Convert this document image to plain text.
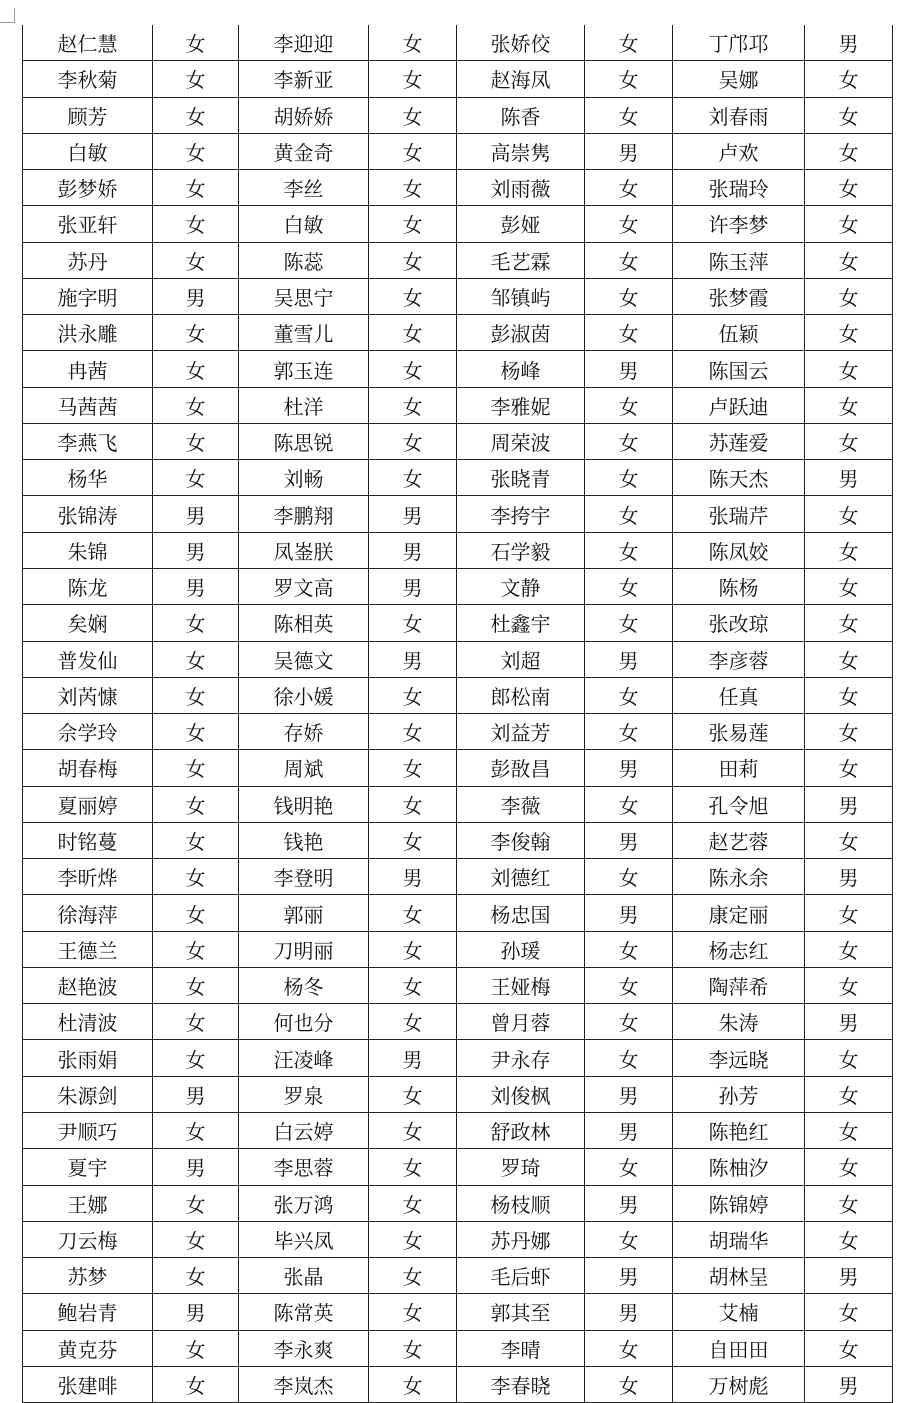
赵仁慧	女	李迎迎	女	张娇佼	女	丁邝邛	男
李秋菊	女	李新亚	女	赵海凤	女	吴娜	女
顾芳	女	胡娇娇	女	陈香	女	刘春雨	女
白敏	女	黄金奇	女	高崇隽	男	卢欢	女
彭梦娇	女	李丝	女	刘雨薇	女	张瑞玲	女
张亚轩	女	白敏	女	彭娅	女	许李梦	女
苏丹	女	陈蕊	女	毛艺霖	女	陈玉萍	女
施字明	男	吴思宁	女	邹镇屿	女	张梦霞	女
洪永雕	女	董雪儿	女	彭淑茵	女	伍颖	女
冉茜	女	郭玉连	女	杨峰	男	陈国云	女
马茜茜	女	杜洋	女	李雅妮	女	卢跃迪	女
李燕飞	女	陈思锐	女	周荣波	女	苏莲爱	女
杨华	女	刘畅	女	张晓青	女	陈天杰	男
张锦涛	男	李鹏翔	男	李挎宇	女	张瑞芹	女
朱锦	男	凤崟朕	男	石学毅	女	陈凤姣	女
陈龙	男	罗文高	男	文静	女	陈杨	女
矣娴	女	陈相英	女	杜鑫宇	女	张改琼	女
普发仙	女	吴德文	男	刘超	男	李彦蓉	女
刘芮慷	女	徐小媛	女	郎松南	女	任真	女
佘学玲	女	存娇	女	刘益芳	女	张易莲	女
胡春梅	女	周斌	女	彭敔昌	男	田莉	女
夏丽婷	女	钱明艳	女	李薇	女	孔令旭	男
时铭蔓	女	钱艳	女	李俊翰	男	赵艺蓉	女
李昕烨	女	李登明	男	刘德红	女	陈永余	男
徐海萍	女	郭丽	女	杨忠国	男	康定丽	女
王德兰	女	刀明丽	女	孙瑗	女	杨志红	女
赵艳波	女	杨冬	女	王娅梅	女	陶萍希	女
杜清波	女	何也分	女	曾月蓉	女	朱涛	男
张雨娟	女	汪凌峰	男	尹永存	女	李远晓	女
朱源剑	男	罗泉	女	刘俊枫	男	孙芳	女
尹顺巧	女	白云婷	女	舒政林	男	陈艳红	女
夏宇	男	李思蓉	女	罗琦	女	陈柚汐	女
王娜	女	张万鸿	女	杨枝顺	男	陈锦婷	女
刀云梅	女	毕兴凤	女	苏丹娜	女	胡瑞华	女
苏梦	女	张晶	女	毛后虾	男	胡林呈	男
鲍岩青	男	陈常英	女	郭其至	男	艾楠	女
黄克芬	女	李永爽	女	李晴	女	自田田	女
张建啡	女	李岚杰	女	李春晓	女	万树彪	男
